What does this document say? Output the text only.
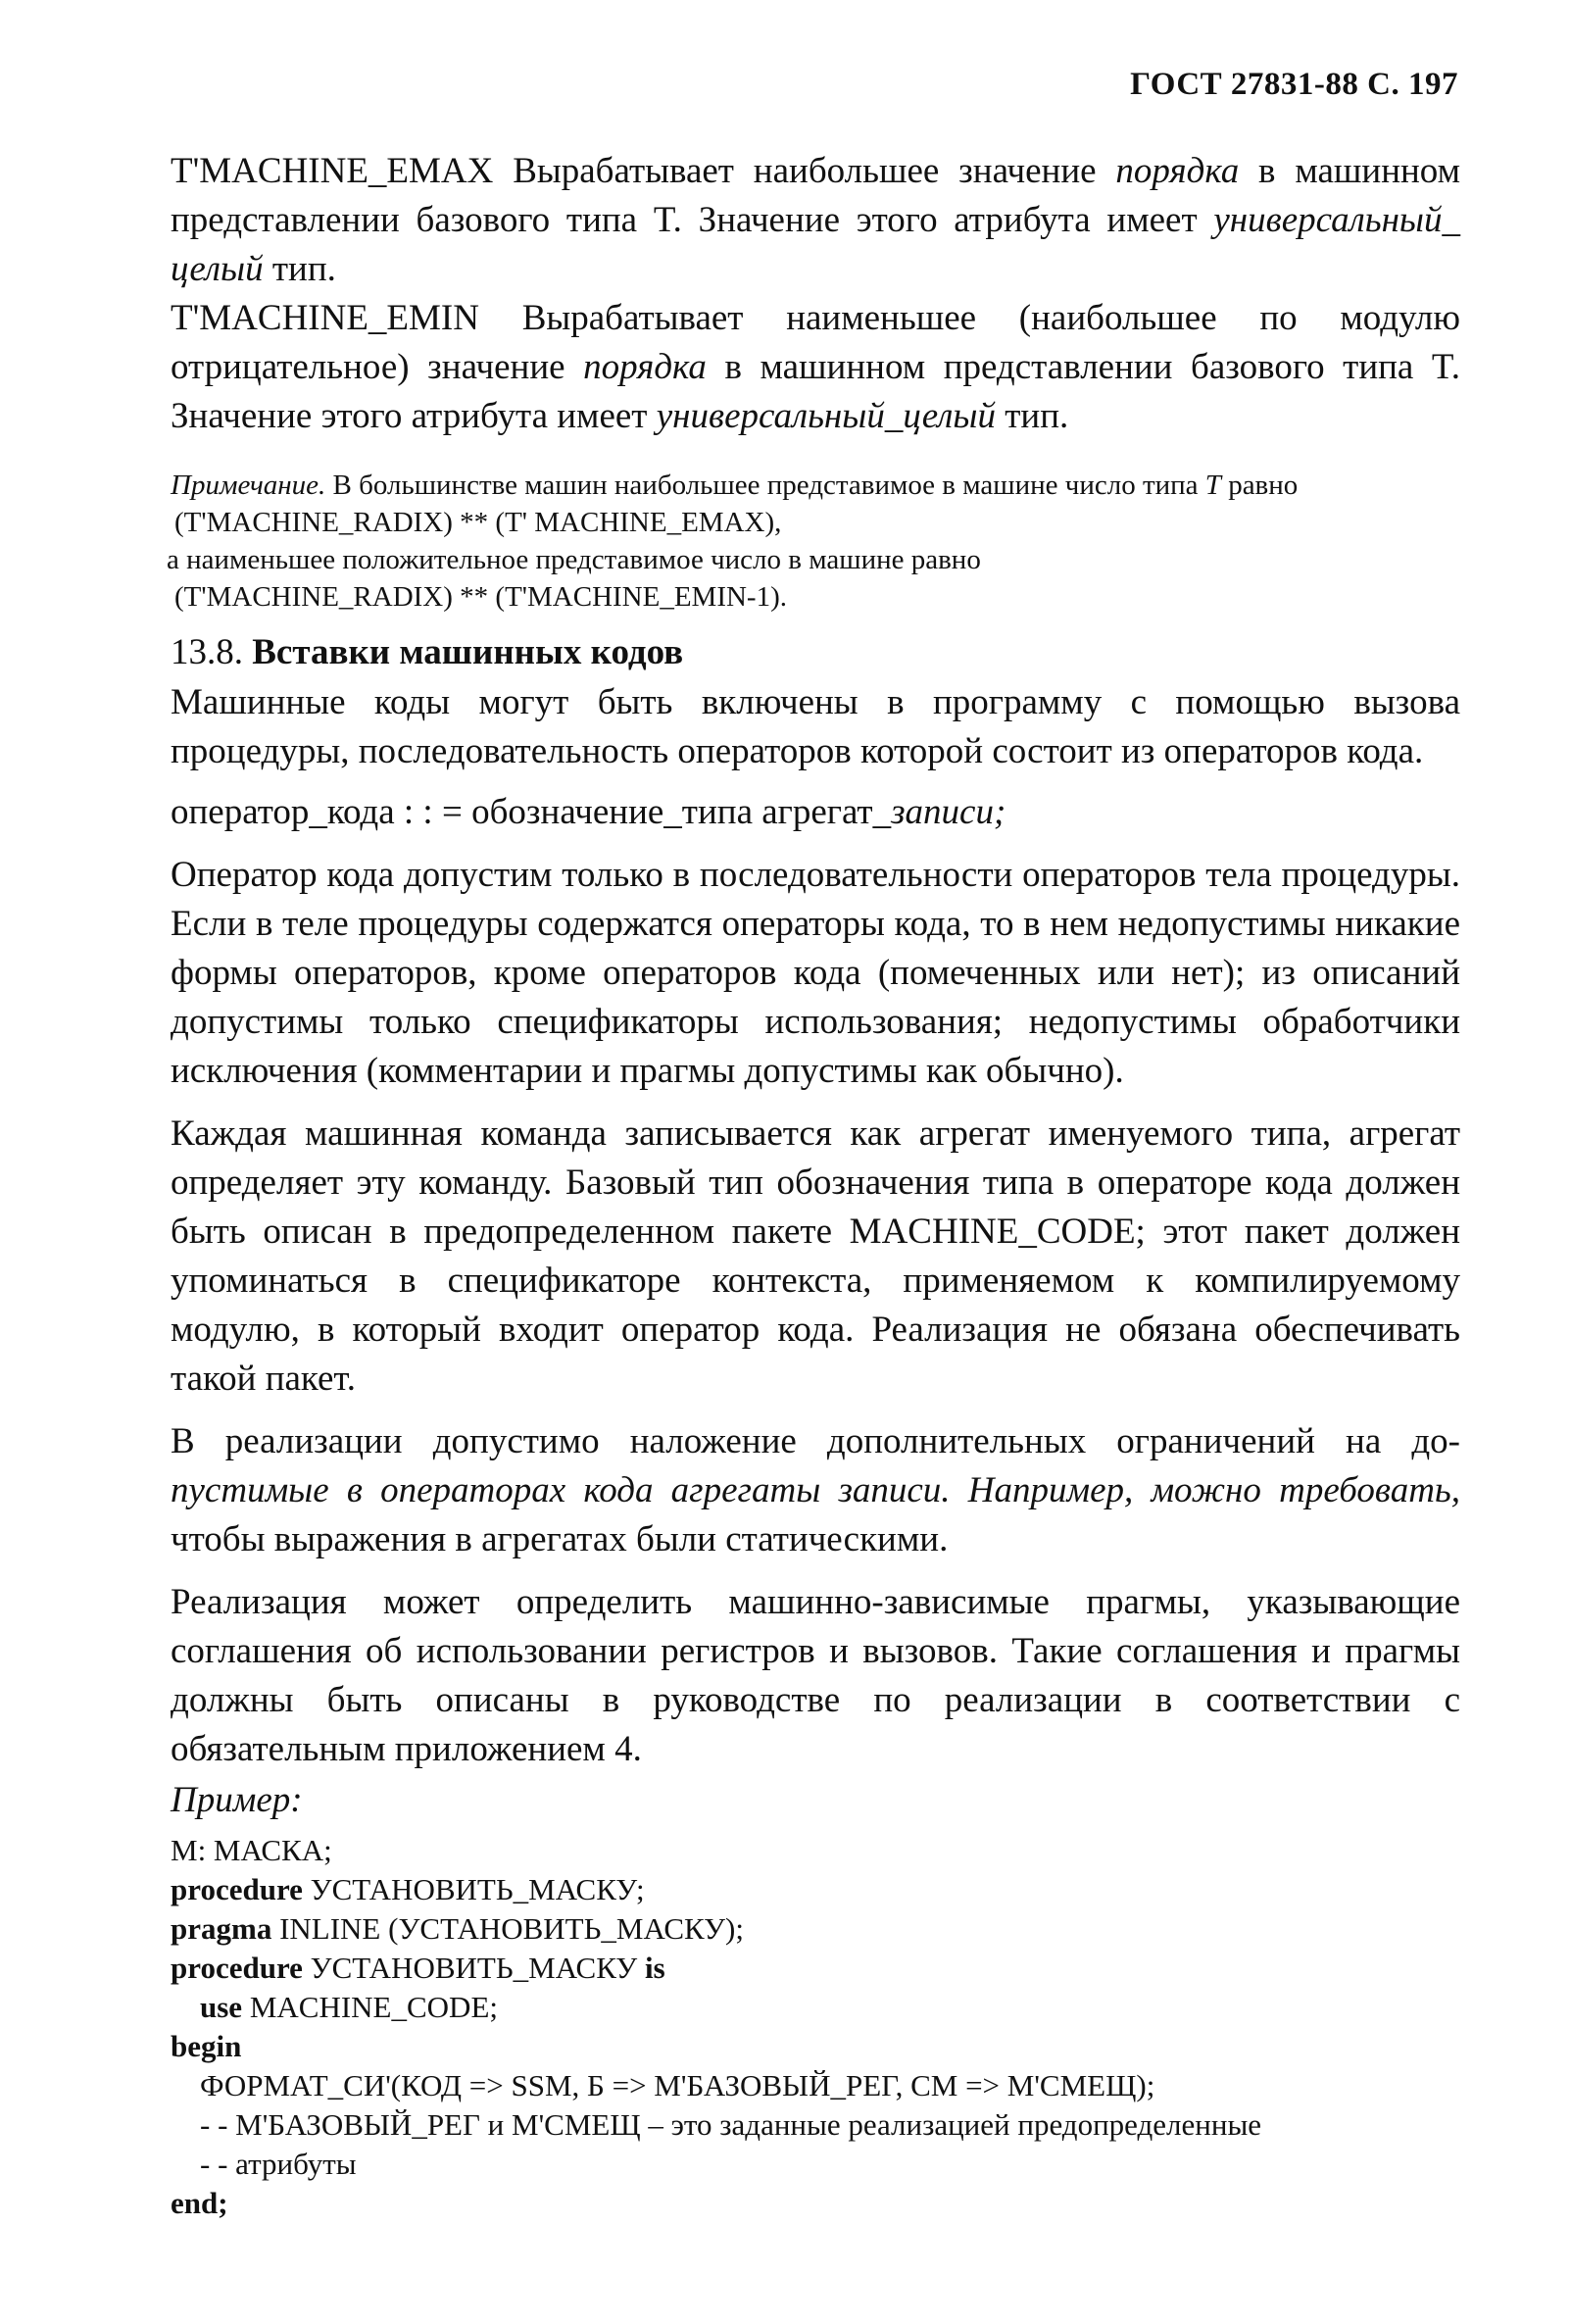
ГОСТ 27831-88 С. 197

T'MACHINE_EMAX Вырабатывает наибольшее значение порядка в машинном представлении базового типа T. Значение этого атрибута имеет универсальный_ целый тип.

T'MACHINE_EMIN Вырабатывает наименьшее (наибольшее по модулю отрицательное) значение порядка в машинном представлении базового типа T. Значение этого атрибута имеет универсальный_целый тип.

Примечание. В большинстве машин наибольшее представимое в машине число типа T равно

(T'MACHINE_RADIX) ** (T' MACHINE_EMAX),
а наименьшее положительное представимое число в машине равно
(T'MACHINE_RADIX) ** (T'MACHINE_EMIN-1).
13.8. Вставки машинных кодов

Машинные коды могут быть включены в программу с помощью вызова процедуры, последовательность операторов которой состоит из операторов кода.

оператор_кода : : = обозначение_типа агрегат_записи;

Оператор кода допустим только в последовательности операторов тела процедуры. Если в теле процедуры содержатся операторы кода, то в нем недопустимы никакие формы операторов, кроме операторов кода (помеченных или нет); из описаний допустимы только спецификаторы использования; недопустимы обработчики исключения (комментарии и прагмы допустимы как обычно).

Каждая машинная команда записывается как агрегат именуемого типа, агрегат определяет эту команду. Базовый тип обозначения типа в операторе кода должен быть описан в предопределенном пакете MACHINE_CODE; этот пакет должен упоминаться в спецификаторе контекста, применяемом к компилируемому модулю, в который входит оператор кода. Реализация не обязана обеспечивать такой пакет.

В реализации допустимо наложение дополнительных ограничений на до- пустимые в операторах кода агрегаты записи. Например, можно требовать, чтобы выражения в агрегатах были статическими.

Реализация может определить машинно-зависимые прагмы, указывающие соглашения об использовании регистров и вызовов. Такие соглашения и прагмы должны быть описаны в руководстве по реализации в соответствии с обязательным приложением 4.

Пример:
M: МАСКА;
procedure УСТАНОВИТЬ_МАСКУ;
pragma INLINE (УСТАНОВИТЬ_МАСКУ);
procedure УСТАНОВИТЬ_МАСКУ is
use MACHINE_CODE;
begin
ФОРМАТ_СИ'(КОД => SSM, Б => M'БАЗОВЫЙ_РЕГ, СМ => M'СМЕЩ);
- - M'БАЗОВЫЙ_РЕГ и M'СМЕЩ – это заданные реализацией предопределенные
- - атрибуты
end;
